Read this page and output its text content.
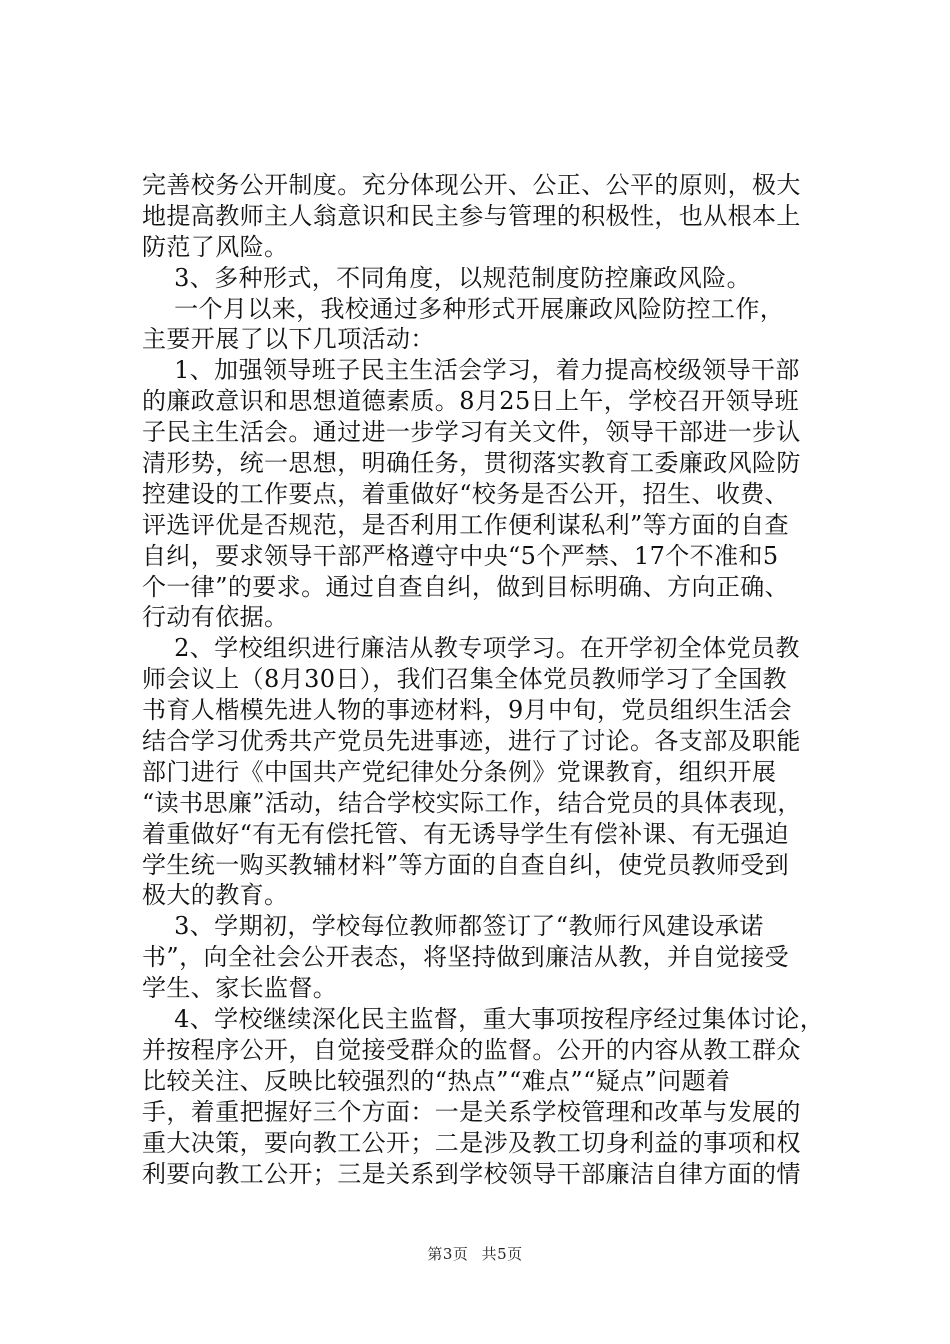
完善校务公开制度。充分体现公开、公正、公平的原则，极大
地提高教师主人翁意识和民主参与管理的积极性，也从根本上
防范了风险。
3、多种形式，不同角度，以规范制度防控廉政风险。
一个月以来，我校通过多种形式开展廉政风险防控工作，
主要开展了以下几项活动：
1、加强领导班子民主生活会学习，着力提高校级领导干部
的廉政意识和思想道德素质。8月25日上午，学校召开领导班
子民主生活会。通过进一步学习有关文件，领导干部进一步认
清形势，统一思想，明确任务，贯彻落实教育工委廉政风险防
控建设的工作要点，着重做好“校务是否公开，招生、收费、
评选评优是否规范，是否利用工作便利谋私利”等方面的自查
自纠，要求领导干部严格遵守中央“5个严禁、17个不准和5
个一律”的要求。通过自查自纠，做到目标明确、方向正确、
行动有依据。
2、学校组织进行廉洁从教专项学习。在开学初全体党员教
师会议上（8月30日），我们召集全体党员教师学习了全国教
书育人楷模先进人物的事迹材料，9月中旬，党员组织生活会
结合学习优秀共产党员先进事迹，进行了讨论。各支部及职能
部门进行《中国共产党纪律处分条例》党课教育，组织开展
“读书思廉”活动，结合学校实际工作，结合党员的具体表现，
着重做好“有无有偿托管、有无诱导学生有偿补课、有无强迫
学生统一购买教辅材料”等方面的自查自纠，使党员教师受到
极大的教育。
3、学期初，学校每位教师都签订了“教师行风建设承诺
书”，向全社会公开表态，将坚持做到廉洁从教，并自觉接受
学生、家长监督。
4、学校继续深化民主监督，重大事项按程序经过集体讨论，
并按程序公开，自觉接受群众的监督。公开的内容从教工群众
比较关注、反映比较强烈的“热点”“难点”“疑点”问题着
手，着重把握好三个方面：一是关系学校管理和改革与发展的
重大决策，要向教工公开；二是涉及教工切身利益的事项和权
利要向教工公开；三是关系到学校领导干部廉洁自律方面的情
第3页 共5页
